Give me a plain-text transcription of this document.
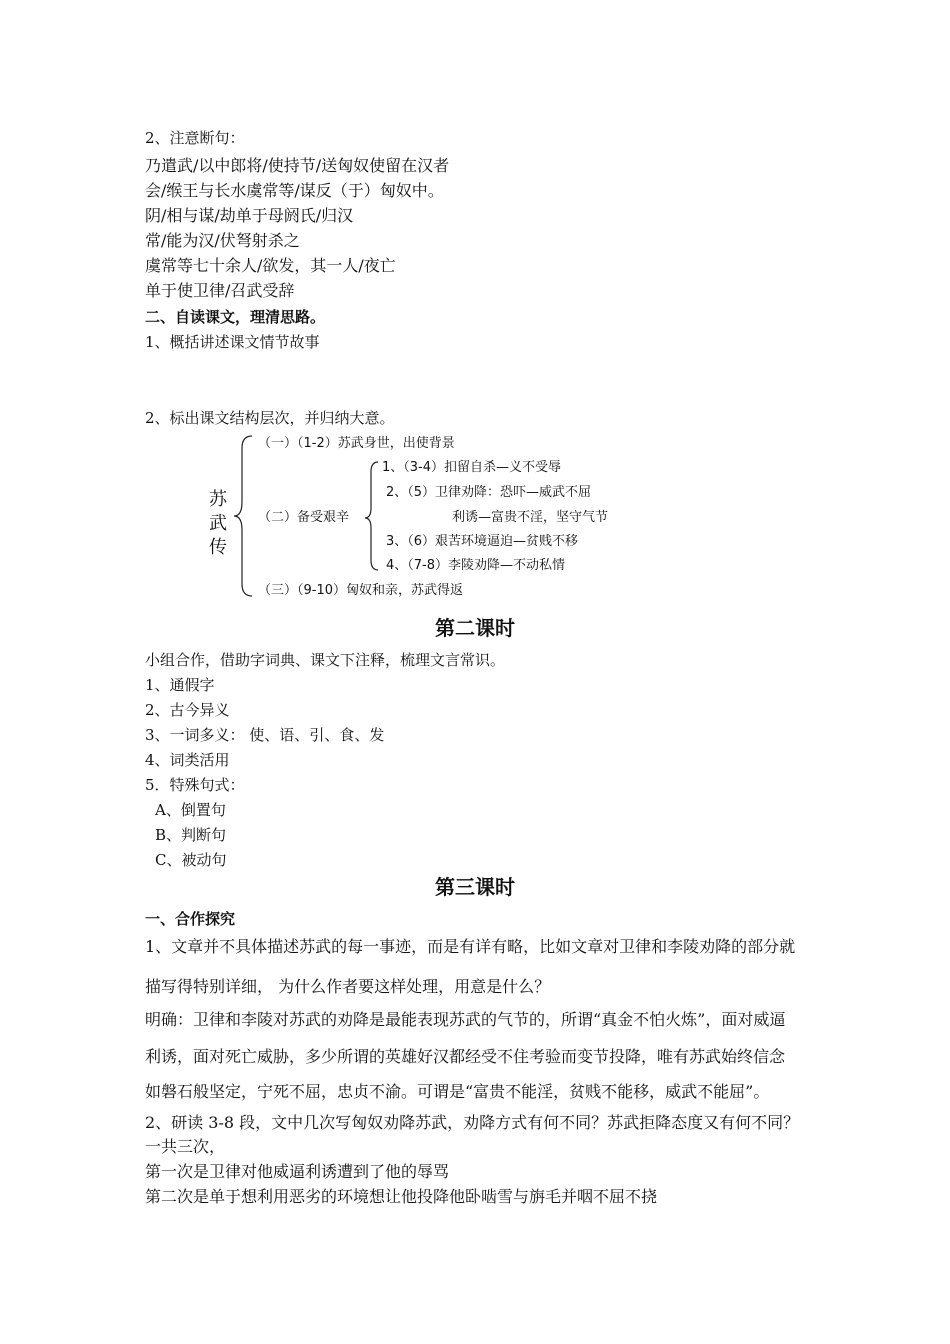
2、注意断句：
乃遣武/以中郎将/使持节/送匈奴使留在汉者
会/缑王与长水虞常等/谋反（于）匈奴中。
阴/相与谋/劫单于母阏氏/归汉
常/能为汉/伏弩射杀之
虞常等七十余人/欲发，其一人/夜亡
单于使卫律/召武受辞
二、自读课文，理清思路。
1、概括讲述课文情节故事
2、标出课文结构层次，并归纳大意。
苏
武
传
（一）（1-2）苏武身世，出使背景
（二）备受艰辛
1、（3-4）扣留自杀—义不受辱
2、（5）卫律劝降：恐吓—威武不屈
利诱—富贵不淫，坚守气节
3、（6）艰苦环境逼迫—贫贱不移
4、（7-8）李陵劝降—不动私情
（三）（9-10）匈奴和亲，苏武得返
第二课时
小组合作，借助字词典、课文下注释，梳理文言常识。
1、通假字
2、古今异义
3、一词多义： 使、语、引、食、发
4、词类活用
5．特殊句式：
A、倒置句
B、判断句
C、被动句
第三课时
一、合作探究
1、文章并不具体描述苏武的每一事迹，而是有详有略，比如文章对卫律和李陵劝降的部分就
描写得特别详细， 为什么作者要这样处理，用意是什么？
明确：卫律和李陵对苏武的劝降是最能表现苏武的气节的，所谓“真金不怕火炼”，面对威逼
利诱，面对死亡威胁，多少所谓的英雄好汉都经受不住考验而变节投降，唯有苏武始终信念
如磐石般坚定，宁死不屈，忠贞不渝。可谓是“富贵不能淫，贫贱不能移，威武不能屈”。
2、研读 3-8 段，文中几次写匈奴劝降苏武，劝降方式有何不同？苏武拒降态度又有何不同？
一共三次，
第一次是卫律对他威逼利诱遭到了他的辱骂
第二次是单于想利用恶劣的环境想让他投降他卧啮雪与旃毛并咽不屈不挠
